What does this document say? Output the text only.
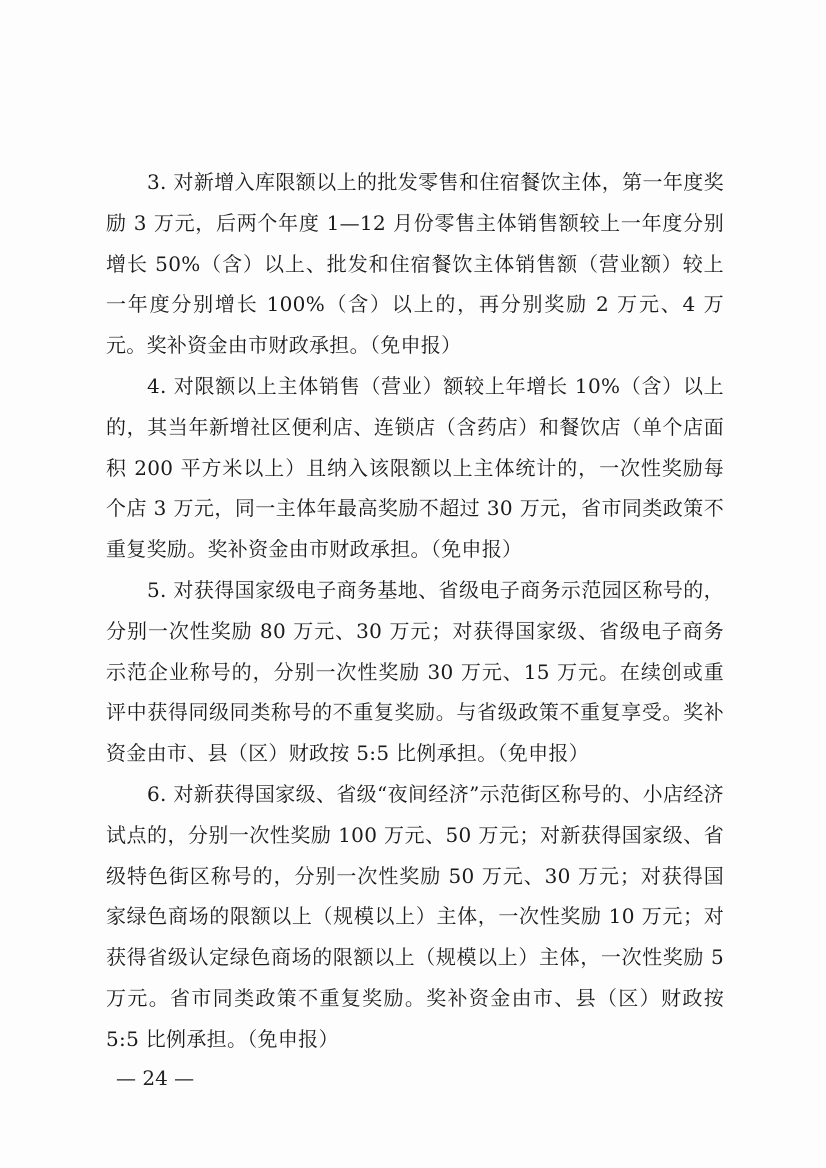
3. 对新增入库限额以上的批发零售和住宿餐饮主体，第一年度奖励 3 万元，后两个年度 1—12 月份零售主体销售额较上一年度分别增长 50%（含）以上、批发和住宿餐饮主体销售额（营业额）较上一年度分别增长 100%（含）以上的，再分别奖励 2 万元、4 万元。奖补资金由市财政承担。（免申报）

4. 对限额以上主体销售（营业）额较上年增长 10%（含）以上的，其当年新增社区便利店、连锁店（含药店）和餐饮店（单个店面积 200 平方米以上）且纳入该限额以上主体统计的，一次性奖励每个店 3 万元，同一主体年最高奖励不超过 30 万元，省市同类政策不重复奖励。奖补资金由市财政承担。（免申报）

5. 对获得国家级电子商务基地、省级电子商务示范园区称号的，分别一次性奖励 80 万元、30 万元；对获得国家级、省级电子商务示范企业称号的，分别一次性奖励 30 万元、15 万元。在续创或重评中获得同级同类称号的不重复奖励。与省级政策不重复享受。奖补资金由市、县（区）财政按 5:5 比例承担。（免申报）

6. 对新获得国家级、省级“夜间经济”示范街区称号的、小店经济试点的，分别一次性奖励 100 万元、50 万元；对新获得国家级、省级特色街区称号的，分别一次性奖励 50 万元、30 万元；对获得国家绿色商场的限额以上（规模以上）主体，一次性奖励 10 万元；对获得省级认定绿色商场的限额以上（规模以上）主体，一次性奖励 5 万元。省市同类政策不重复奖励。奖补资金由市、县（区）财政按 5:5 比例承担。（免申报）

— 24 —
